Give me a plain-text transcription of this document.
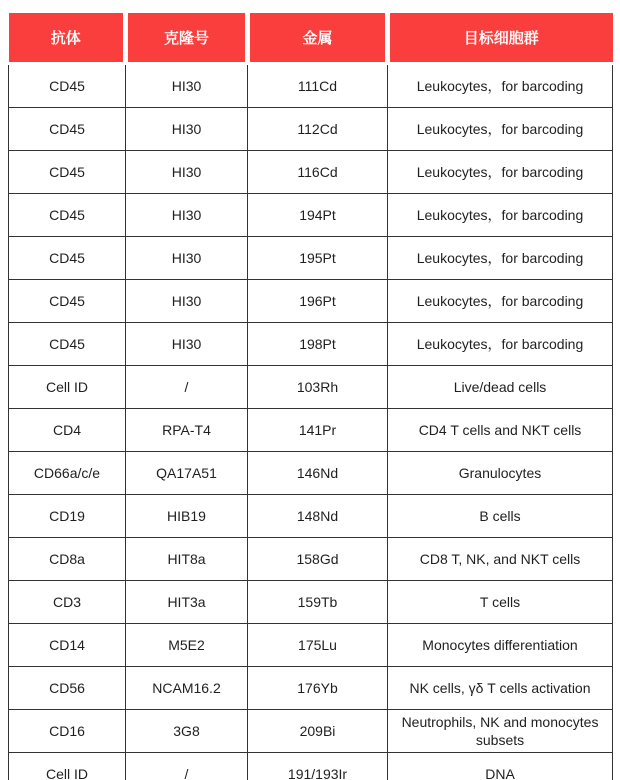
抗体	克隆号	金属	目标细胞群
CD45	HI30	111Cd	Leukocytes，for barcoding
CD45	HI30	112Cd	Leukocytes，for barcoding
CD45	HI30	116Cd	Leukocytes，for barcoding
CD45	HI30	194Pt	Leukocytes，for barcoding
CD45	HI30	195Pt	Leukocytes，for barcoding
CD45	HI30	196Pt	Leukocytes，for barcoding
CD45	HI30	198Pt	Leukocytes，for barcoding
Cell ID	/	103Rh	Live/dead cells
CD4	RPA-T4	141Pr	CD4 T cells and NKT cells
CD66a/c/e	QA17A51	146Nd	Granulocytes
CD19	HIB19	148Nd	B cells
CD8a	HIT8a	158Gd	CD8 T, NK, and NKT cells
CD3	HIT3a	159Tb	T cells
CD14	M5E2	175Lu	Monocytes differentiation
CD56	NCAM16.2	176Yb	NK cells, γδ T cells activation
CD16	3G8	209Bi	Neutrophils, NK and monocytes subsets
Cell ID	/	191/193Ir	DNA
